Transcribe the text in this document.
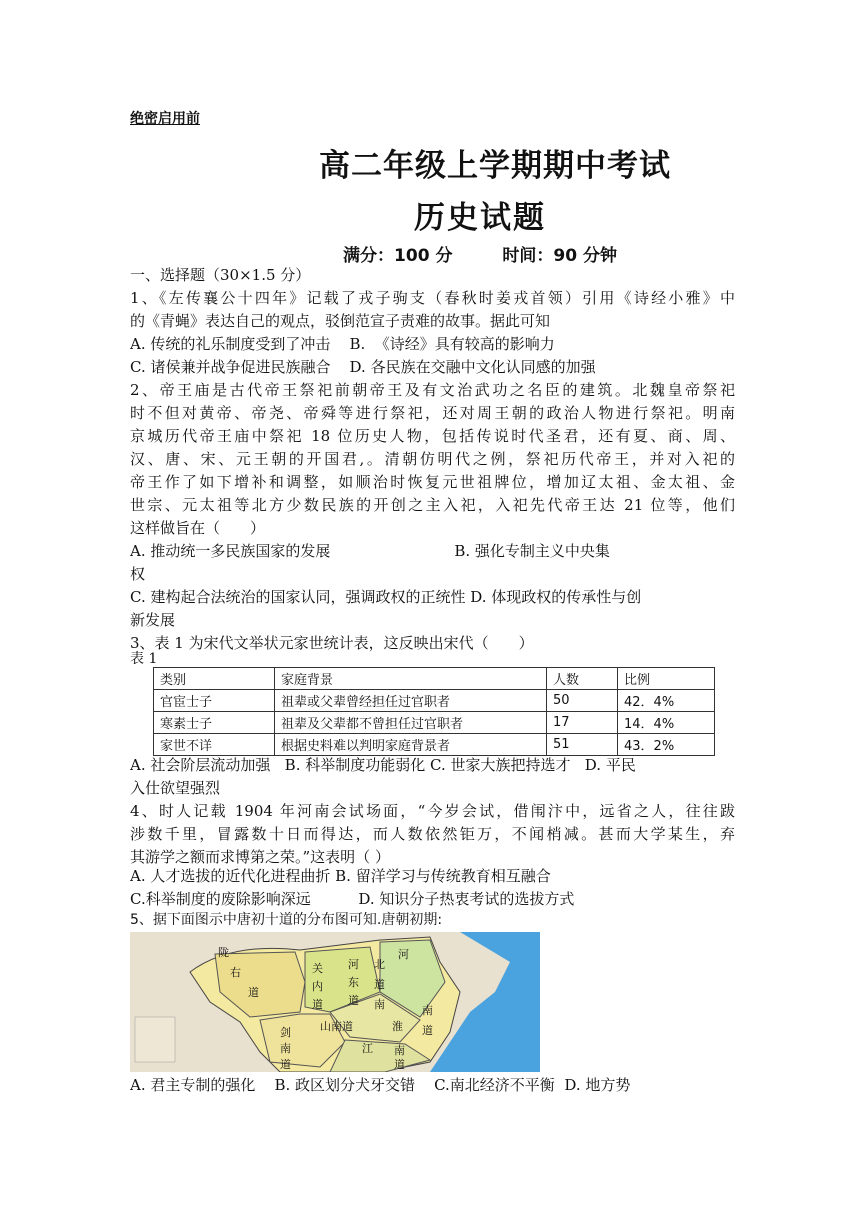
绝密启用前
高二年级上学期期中考试
历史试题
满分：100 分	时间：90 分钟
一、选择题（30×1.5 分）
1、《左传襄公十四年》记载了戎子驹支（春秋时姜戎首领）引用《诗经小雅》中
的《青蝇》表达自己的观点，驳倒范宣子责难的故事。据此可知
A. 传统的礼乐制度受到了冲击    B.  《诗经》具有较高的影响力
C. 诸侯兼并战争促进民族融合    D. 各民族在交融中文化认同感的加强
2、帝王庙是古代帝王祭祀前朝帝王及有文治武功之名臣的建筑。北魏皇帝祭祀
时不但对黄帝、帝尧、帝舜等进行祭祀，还对周王朝的政治人物进行祭祀。明南
京城历代帝王庙中祭祀 18 位历史人物，包括传说时代圣君，还有夏、商、周、
汉、唐、宋、元王朝的开国君,。清朝仿明代之例，祭祀历代帝王，并对入祀的
帝王作了如下增补和调整，如顺治时恢复元世祖牌位，增加辽太祖、金太祖、金
世宗、元太祖等北方少数民族的开创之主入祀，入祀先代帝王达 21 位等，他们
这样做旨在（　　）
A. 推动统一多民族国家的发展                          B. 强化专制主义中央集
权
C. 建构起合法统治的国家认同，强调政权的正统性 D. 体现政权的传承性与创
新发展
3、表 1 为宋代文举状元家世统计表，这反映出宋代（　　）
表 1
类别	家庭背景	人数	比例
官宦士子	祖辈或父辈曾经担任过官职者	50	42．4%
寒素士子	祖辈及父辈都不曾担任过官职者	17	14．4%
家世不详	根据史料难以判明家庭背景者	51	43．2%
A. 社会阶层流动加强   B. 科举制度功能弱化 C. 世家大族把持选才   D. 平民
入仕欲望强烈
4、时人记载 1904 年河南会试场面，“今岁会试，借闱汴中，远省之人，往往跋
涉数千里，冒露数十日而得达，而人数依然钜万，不闻梢减。甚而大学某生，弃
其游学之额而求博第之荣。”这表明（ ）
A. 人才选拔的近代化进程曲折 B. 留洋学习与传统教育相互融合
C.科举制度的废除影响深远          D. 知识分子热衷考试的选拔方式
5、据下面图示中唐初十道的分布图可知.唐朝初期:
陇
右
道
关
内
道
河
东
道
北
河
道
南
山南道	淮
南
道
剑
南
道
江 南
道
A. 君主专制的强化    B. 政区划分犬牙交错    C.南北经济不平衡  D. 地方势
